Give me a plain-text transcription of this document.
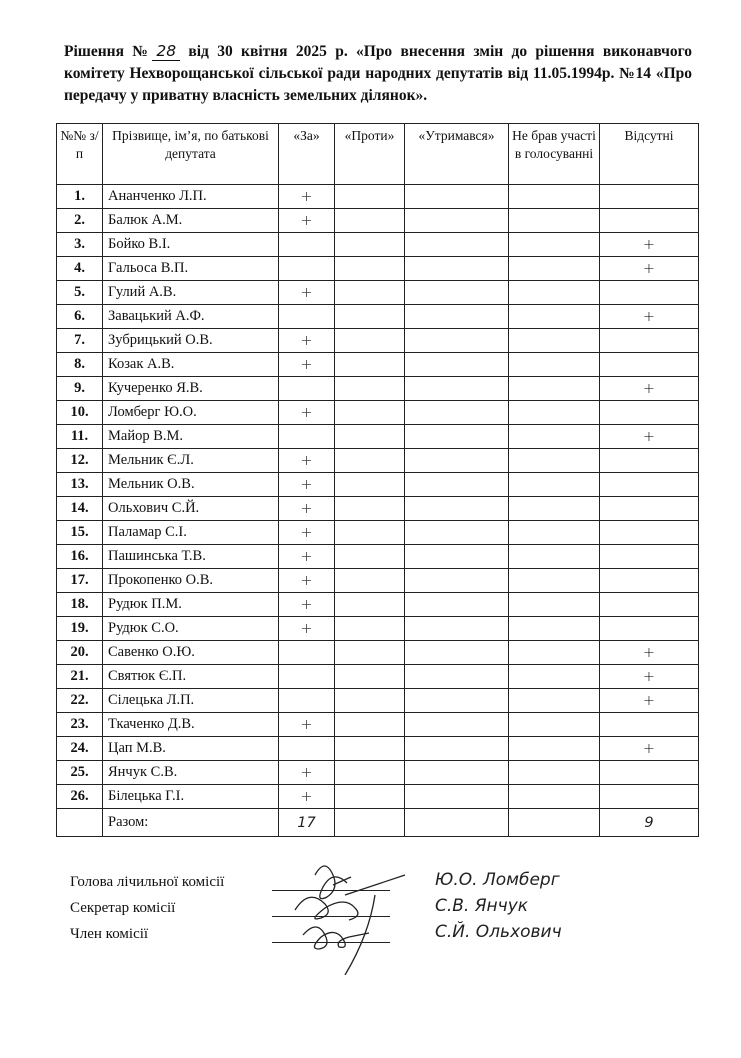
Рішення № 28 від 30 квітня 2025 р. «Про внесення змін до рішення виконавчого комітету Нехворощанської сільської ради народних депутатів від 11.05.1994р. №14 «Про передачу у приватну власність земельних ділянок».
№№ з/п	Прізвище, ім’я, по батькові депутата	«За»	«Проти»	«Утримався»	Не брав участі в голосуванні	Відсутні
1.	Ананченко Л.П.	+				
2.	Балюк А.М.	+				
3.	Бойко В.І.					+
4.	Гальоса В.П.					+
5.	Гулий А.В.	+				
6.	Завацький А.Ф.					+
7.	Зубрицький О.В.	+				
8.	Козак А.В.	+				
9.	Кучеренко Я.В.					+
10.	Ломберг Ю.О.	+				
11.	Майор В.М.					+
12.	Мельник Є.Л.	+				
13.	Мельник О.В.	+				
14.	Ольхович С.Й.	+				
15.	Паламар С.І.	+				
16.	Пашинська Т.В.	+				
17.	Прокопенко О.В.	+				
18.	Рудюк П.М.	+				
19.	Рудюк С.О.	+				
20.	Савенко О.Ю.					+
21.	Святюк Є.П.					+
22.	Сілецька Л.П.					+
23.	Ткаченко Д.В.	+				
24.	Цап М.В.					+
25.	Янчук С.В.	+				
26.	Білецька Г.І.	+				
	Разом:	17				9
Голова лічильної комісії	Ю.О. Ломберг
Секретар комісії	С.В. Янчук
Член комісії	С.Й. Ольхович
